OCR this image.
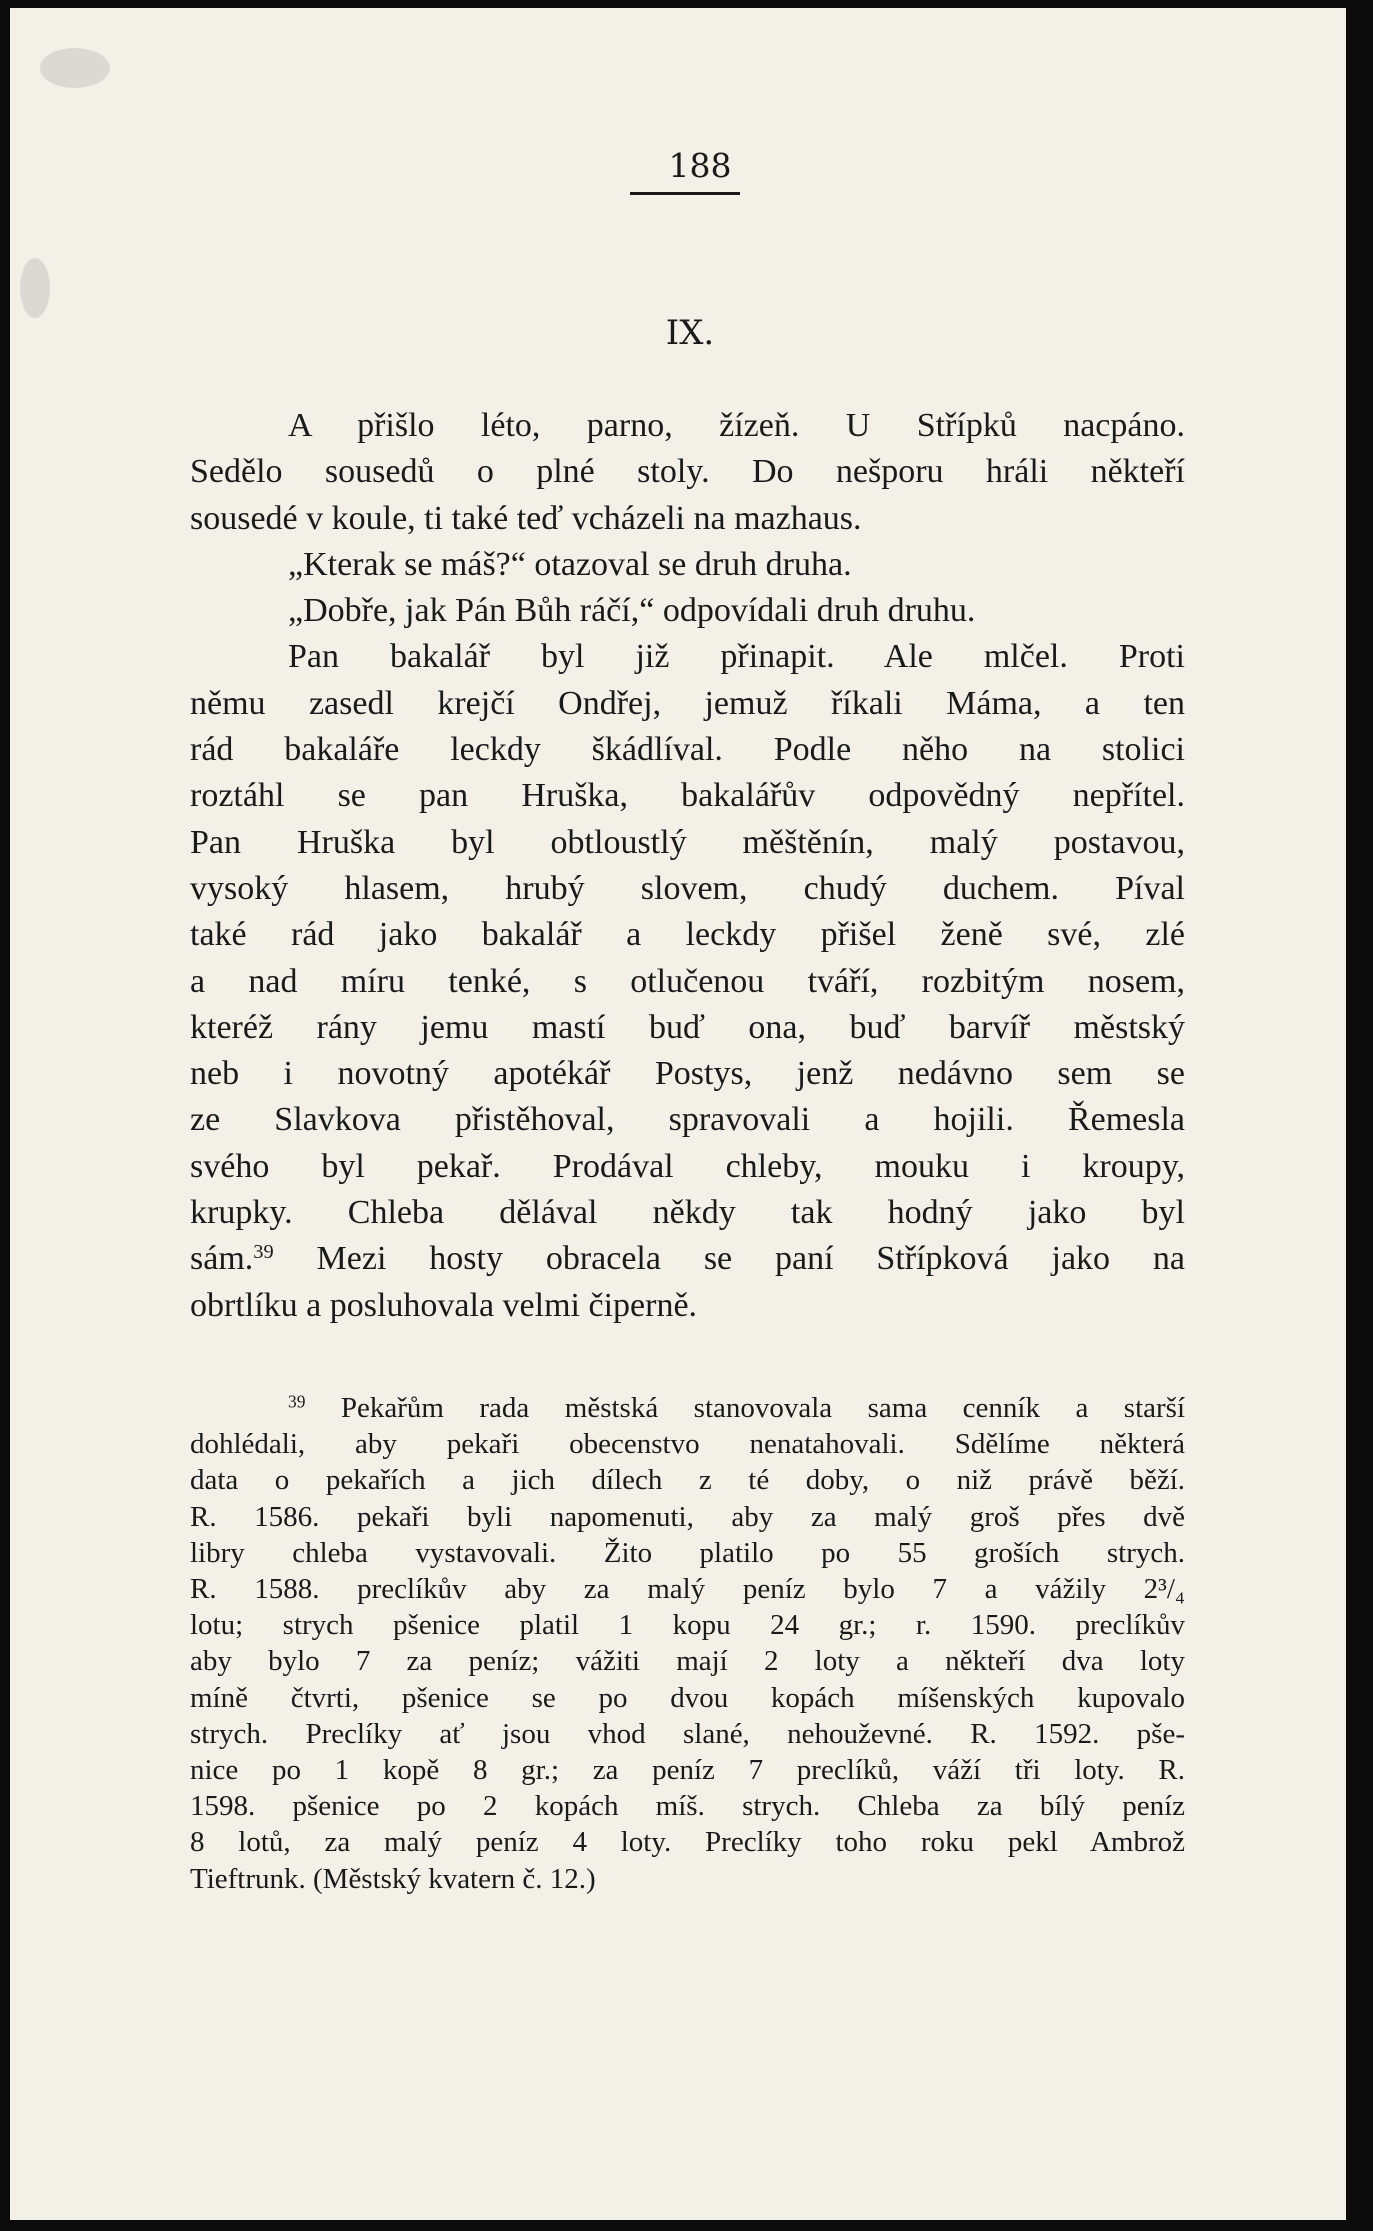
188
IX.
A přišlo léto, parno, žízeň. U Střípků nacpáno.
Sedělo sousedů o plné stoly. Do nešporu hráli někteří
sousedé v koule, ti také teď vcházeli na mazhaus.
„Kterak se máš?“ otazoval se druh druha.
„Dobře, jak Pán Bůh ráčí,“ odpovídali druh druhu.
Pan bakalář byl již přinapit. Ale mlčel. Proti
němu zasedl krejčí Ondřej, jemuž říkali Máma, a ten
rád bakaláře leckdy škádlíval. Podle něho na stolici
roztáhl se pan Hruška, bakalářův odpovědný nepřítel.
Pan Hruška byl obtloustlý měštěnín, malý postavou,
vysoký hlasem, hrubý slovem, chudý duchem. Píval
také rád jako bakalář a leckdy přišel ženě své, zlé
a nad míru tenké, s otlučenou tváří, rozbitým nosem,
kteréž rány jemu mastí buď ona, buď barvíř městský
neb i novotný apotékář Postys, jenž nedávno sem se
ze Slavkova přistěhoval, spravovali a hojili. Řemesla
svého byl pekař. Prodával chleby, mouku i kroupy,
krupky. Chleba dělával někdy tak hodný jako byl
sám.$^{39}$ Mezi hosty obracela se paní Střípková jako na
obrtlíku a posluhovala velmi čiperně.
$^{39}$ Pekařům rada městská stanovovala sama cenník a starší
dohlédali, aby pekaři obecenstvo nenatahovali. Sdělíme některá
data o pekařích a jich dílech z té doby, o niž právě běží.
R. 1586. pekaři byli napomenuti, aby za malý groš přes dvě
libry chleba vystavovali. Žito platilo po 55 groších strych.
R. 1588. preclíkův aby za malý peníz bylo 7 a vážily 2³/₄
lotu; strych pšenice platil 1 kopu 24 gr.; r. 1590. preclíkův
aby bylo 7 za peníz; vážiti mají 2 loty a někteří dva loty
míně čtvrti, pšenice se po dvou kopách míšenských kupovalo
strych. Preclíky ať jsou vhod slané, nehouževné. R. 1592. pše-
nice po 1 kopě 8 gr.; za peníz 7 preclíků, váží tři loty. R.
1598. pšenice po 2 kopách míš. strych. Chleba za bílý peníz
8 lotů, za malý peníz 4 loty. Preclíky toho roku pekl Ambrož
Tieftrunk. (Městský kvatern č. 12.)
